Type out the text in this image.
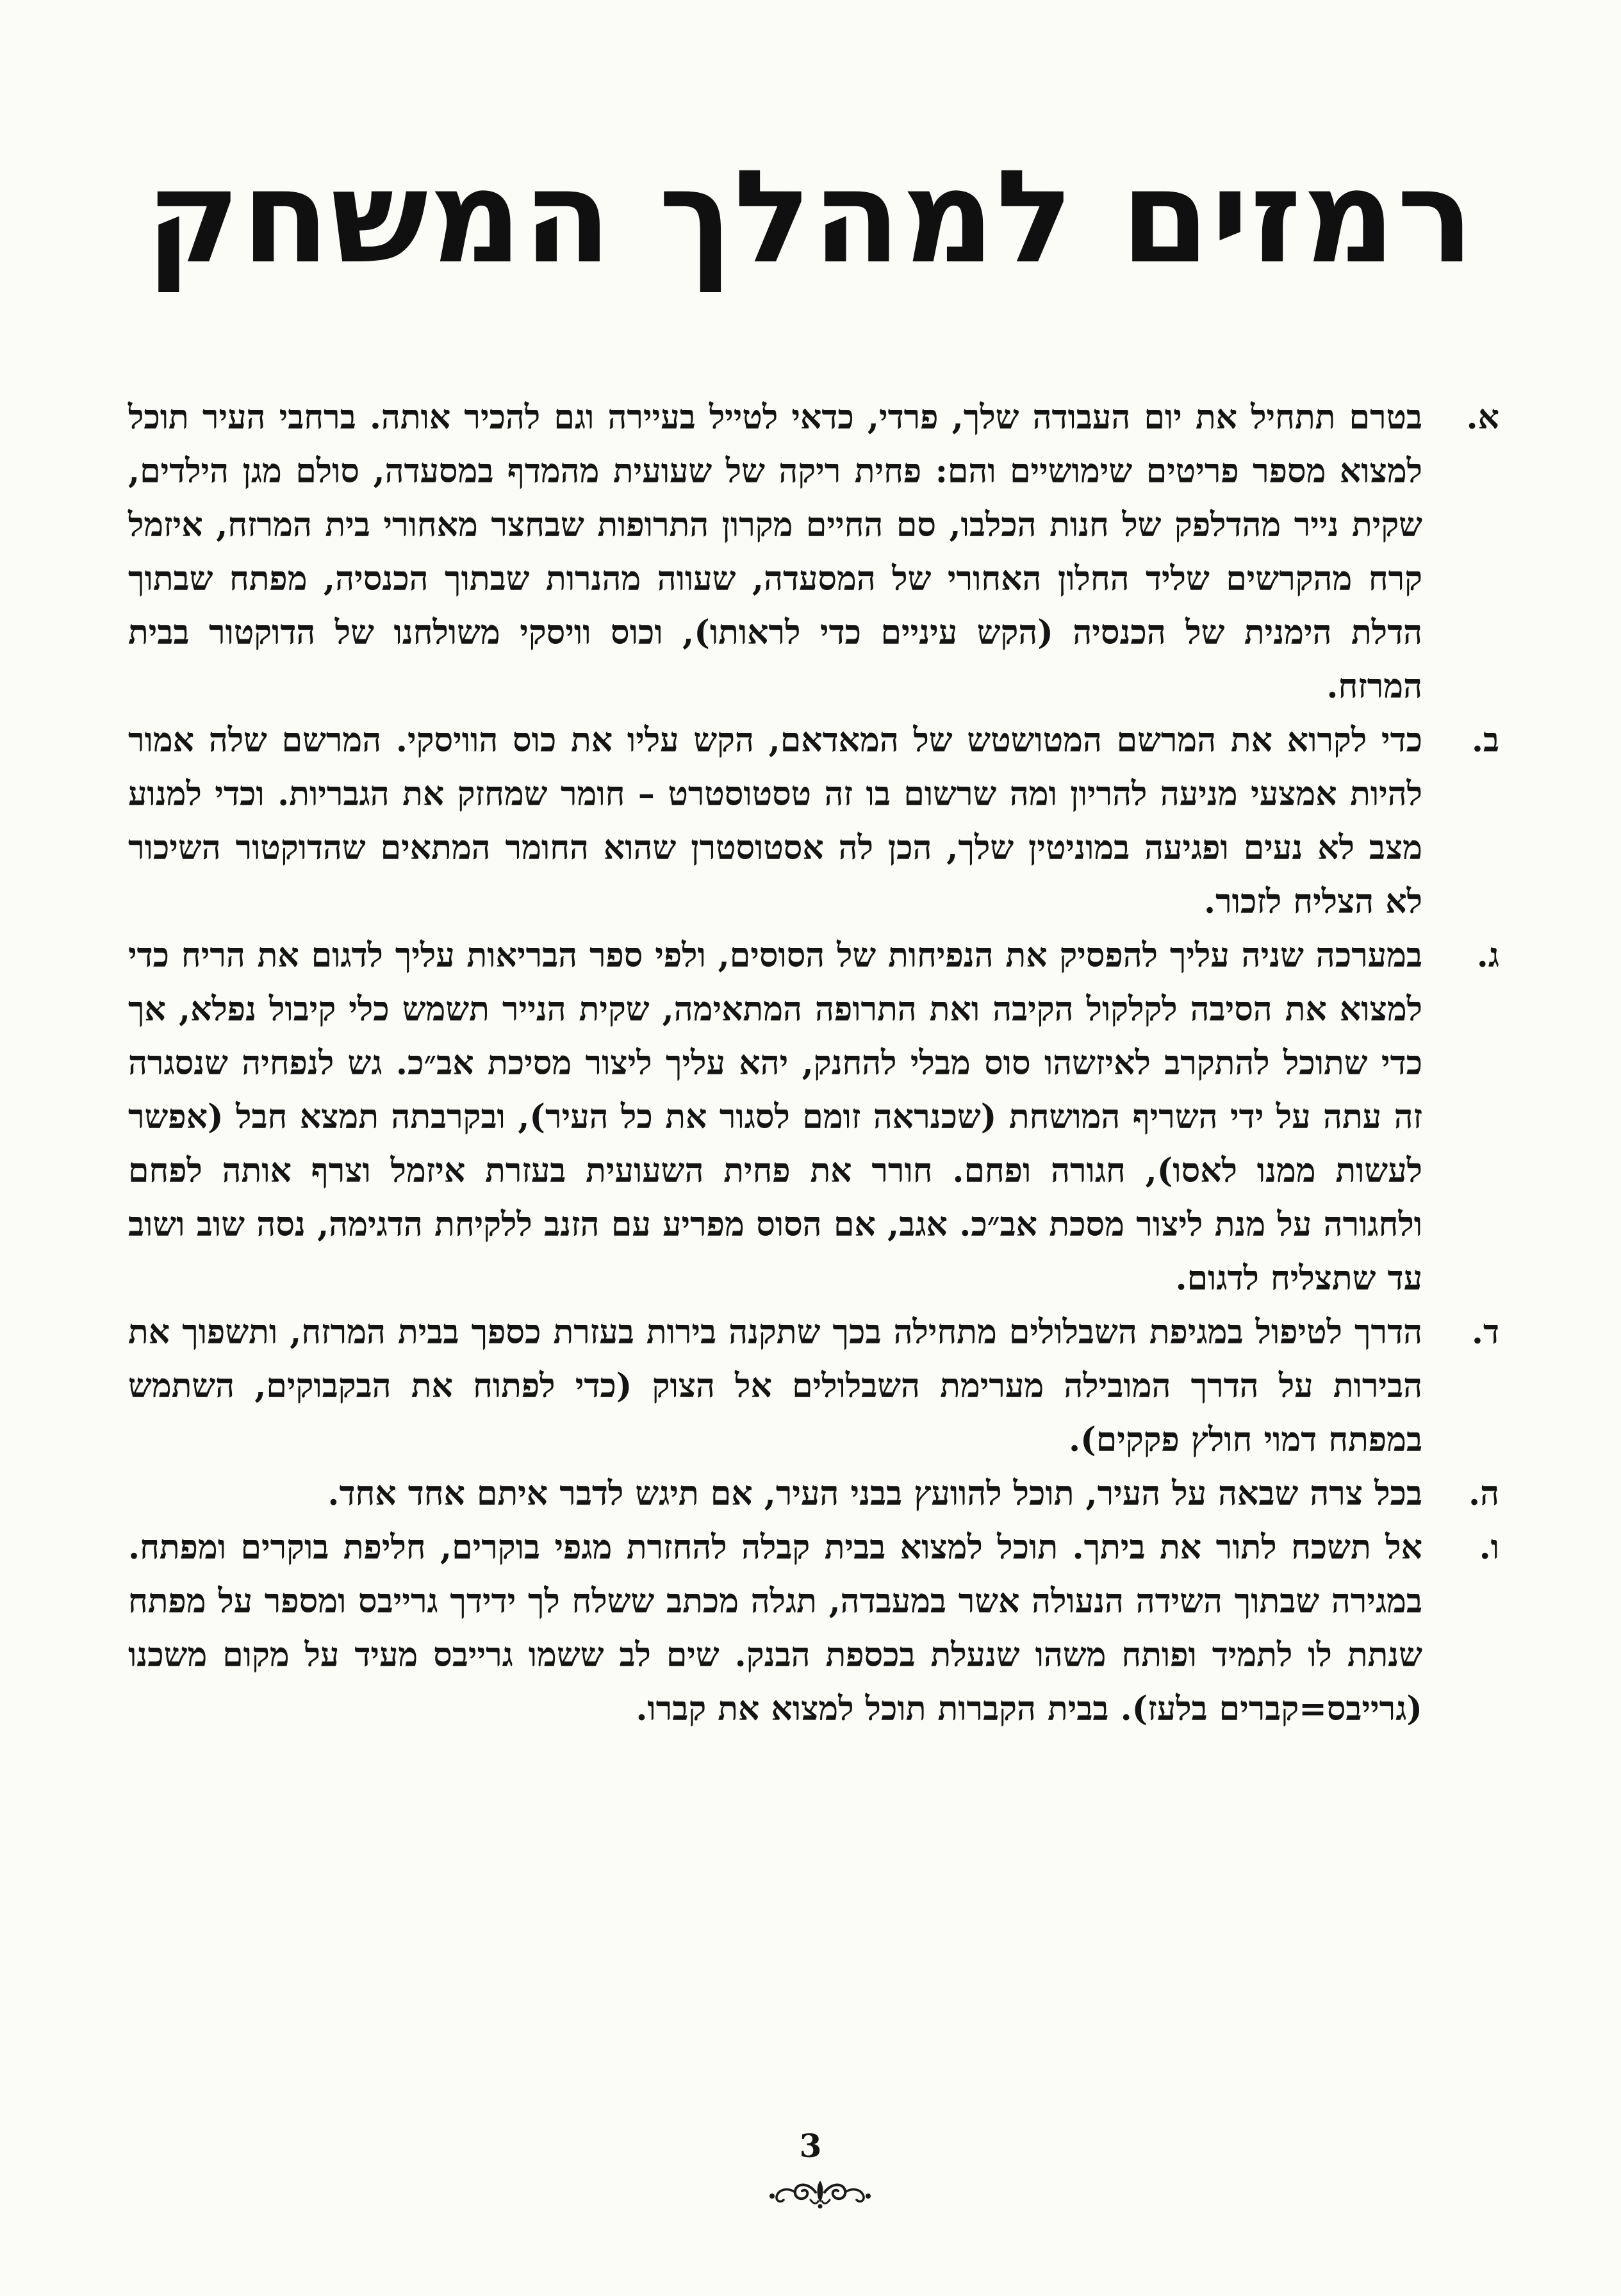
רמזים למהלך המשחק
א.
בטרם תתחיל את יום העבודה שלך, פרדי, כדאי לטייל בעיירה וגם להכיר אותה. ברחבי העיר תוכל למצוא מספר פריטים שימושיים והם: פחית ריקה של שעועית מהמדף במסעדה, סולם מגן הילדים, שקית נייר מהדלפק של חנות הכלבו, סם החיים מקרון התרופות שבחצר מאחורי בית המרזח, איזמל קרח מהקרשים שליד החלון האחורי של המסעדה, שעווה מהנרות שבתוך הכנסיה, מפתח שבתוך הדלת הימנית של הכנסיה (הקש עיניים כדי לראותו), וכוס וויסקי משולחנו של הדוקטור בבית המרזח.
ב.
כדי לקרוא את המרשם המטושטש של המאדאם, הקש עליו את כוס הוויסקי. המרשם שלה אמור להיות אמצעי מניעה להריון ומה שרשום בו זה טסטוסטרט – חומר שמחזק את הגבריות. וכדי למנוע מצב לא נעים ופגיעה במוניטין שלך, הכן לה אסטוסטרן שהוא החומר המתאים שהדוקטור השיכור לא הצליח לזכור.
ג.
במערכה שניה עליך להפסיק את הנפיחות של הסוסים, ולפי ספר הבריאות עליך לדגום את הריח כדי למצוא את הסיבה לקלקול הקיבה ואת התרופה המתאימה, שקית הנייר תשמש כלי קיבול נפלא, אך כדי שתוכל להתקרב לאיזשהו סוס מבלי להחנק, יהא עליך ליצור מסיכת אב״כ. גש לנפחיה שנסגרה זה עתה על ידי השריף המושחת (שכנראה זומם לסגור את כל העיר), ובקרבתה תמצא חבל (אפשר לעשות ממנו לאסו), חגורה ופחם. חורר את פחית השעועית בעזרת איזמל וצרף אותה לפחם ולחגורה על מנת ליצור מסכת אב״כ. אגב, אם הסוס מפריע עם הזנב ללקיחת הדגימה, נסה שוב ושוב עד שתצליח לדגום.
ד.
הדרך לטיפול במגיפת השבלולים מתחילה בכך שתקנה בירות בעזרת כספך בבית המרזח, ותשפוך את הבירות על הדרך המובילה מערימת השבלולים אל הצוק (כדי לפתוח את הבקבוקים, השתמש במפתח דמוי חולץ פקקים).
ה.
בכל צרה שבאה על העיר, תוכל להוועץ בבני העיר, אם תיגש לדבר איתם אחד אחד.
ו.
אל תשכח לתור את ביתך. תוכל למצוא בבית קבלה להחזרת מגפי בוקרים, חליפת בוקרים ומפתח. במגירה שבתוך השידה הנעולה אשר במעבדה, תגלה מכתב ששלח לך ידידך גרייבס ומספר על מפתח שנתת לו לתמיד ופותח משהו שנעלת בכספת הבנק. שים לב ששמו גרייבס מעיד על מקום משכנו (גרייבס=קברים בלעז). בבית הקברות תוכל למצוא את קברו.
3
